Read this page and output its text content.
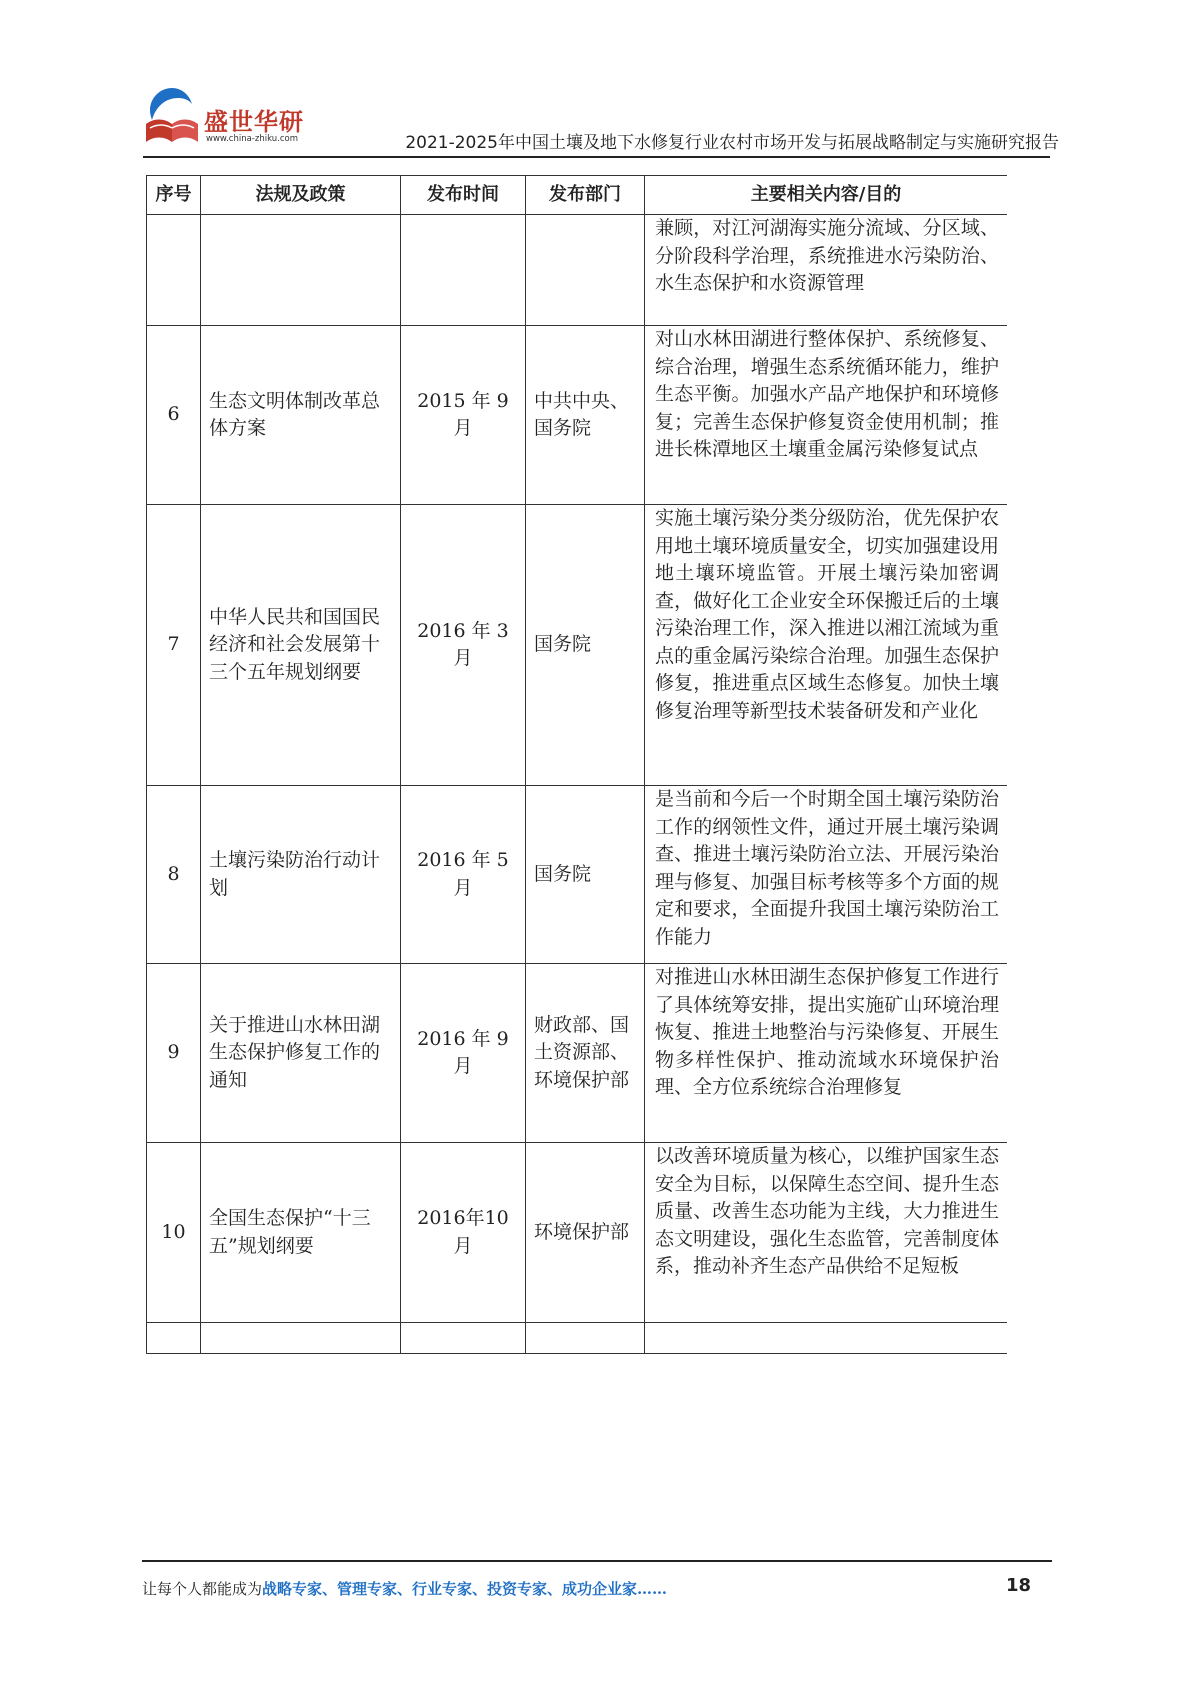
盛世华研
www.china-zhiku.com	2021-2025年中国土壤及地下水修复行业农村市场开发与拓展战略制定与实施研究报告
序号	法规及政策	发布时间	发布部门	主要相关内容/目的
				兼顾，对江河湖海实施分流域、分区域、分阶段科学治理，系统推进水污染防治、水生态保护和水资源管理
6	生态文明体制改革总体方案	2015 年 9 月	中共中央、国务院	对山水林田湖进行整体保护、系统修复、综合治理，增强生态系统循环能力，维护生态平衡。加强水产品产地保护和环境修复；完善生态保护修复资金使用机制；推进长株潭地区土壤重金属污染修复试点
7	中华人民共和国国民经济和社会发展第十三个五年规划纲要	2016 年 3 月	国务院	实施土壤污染分类分级防治，优先保护农用地土壤环境质量安全，切实加强建设用地土壤环境监管。开展土壤污染加密调查，做好化工企业安全环保搬迁后的土壤污染治理工作，深入推进以湘江流域为重点的重金属污染综合治理。加强生态保护修复，推进重点区域生态修复。加快土壤修复治理等新型技术装备研发和产业化
8	土壤污染防治行动计划	2016 年 5 月	国务院	是当前和今后一个时期全国土壤污染防治工作的纲领性文件，通过开展土壤污染调查、推进土壤污染防治立法、开展污染治理与修复、加强目标考核等多个方面的规定和要求，全面提升我国土壤污染防治工作能力
9	关于推进山水林田湖生态保护修复工作的通知	2016 年 9 月	财政部、国土资源部、环境保护部	对推进山水林田湖生态保护修复工作进行了具体统筹安排，提出实施矿山环境治理恢复、推进土地整治与污染修复、开展生物多样性保护、推动流域水环境保护治理、全方位系统综合治理修复
10	全国生态保护“十三五”规划纲要	2016年10月	环境保护部	以改善环境质量为核心，以维护国家生态安全为目标，以保障生态空间、提升生态质量、改善生态功能为主线，大力推进生态文明建设，强化生态监管，完善制度体系，推动补齐生态产品供给不足短板

让每个人都能成为战略专家、管理专家、行业专家、投资专家、成功企业家……	18
